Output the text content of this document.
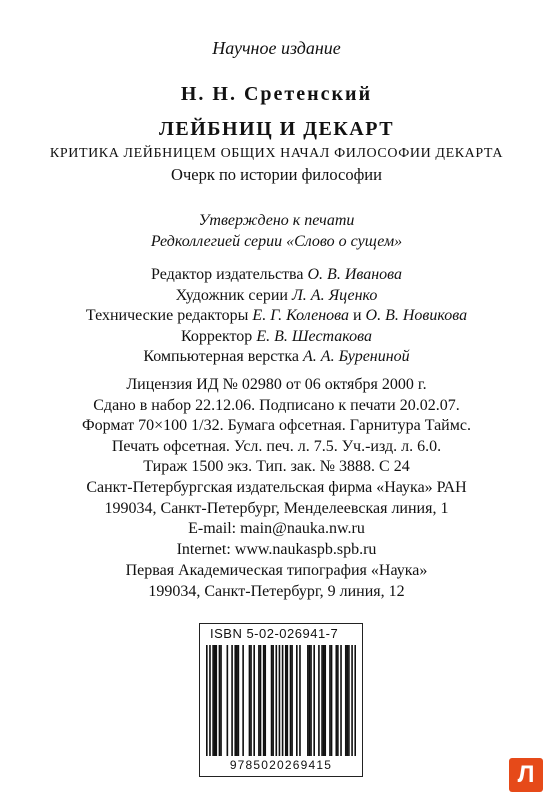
Научное издание
Н. Н. Сретенский
ЛЕЙБНИЦ И ДЕКАРТ
КРИТИКА ЛЕЙБНИЦЕМ ОБЩИХ НАЧАЛ ФИЛОСОФИИ ДЕКАРТА
Очерк по истории философии
Утверждено к печати
Редколлегией серии «Слово о сущем»
Редактор издательства О. В. Иванова
Художник серии Л. А. Яценко
Технические редакторы Е. Г. Коленова и О. В. Новикова
Корректор Е. В. Шестакова
Компьютерная верстка А. А. Бурениной
Лицензия ИД № 02980 от 06 октября 2000 г.
Сдано в набор 22.12.06. Подписано к печати 20.02.07.
Формат 70×100 1/32. Бумага офсетная. Гарнитура Таймс.
Печать офсетная. Усл. печ. л. 7.5. Уч.-изд. л. 6.0.
Тираж 1500 экз. Тип. зак. № 3888. С 24
Санкт-Петербургская издательская фирма «Наука» РАН
199034, Санкт-Петербург, Менделеевская линия, 1
E-mail: main@nauka.nw.ru
Internet: www.naukaspb.spb.ru
Первая Академическая типография «Наука»
199034, Санкт-Петербург, 9 линия, 12
ISBN 5-02-026941-7
9785020269415	Л
